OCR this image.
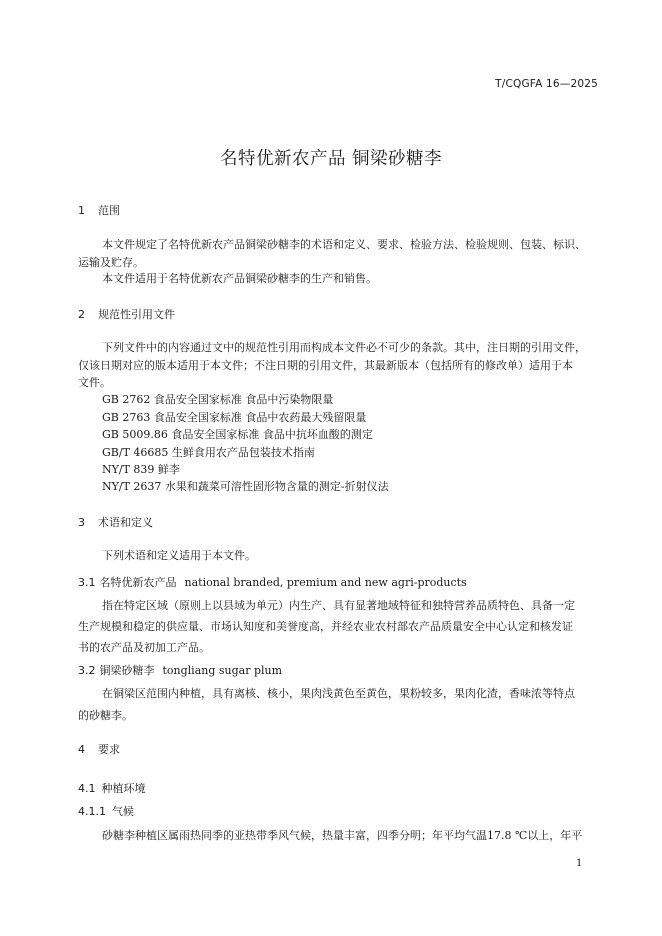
T/CQGFA 16—2025
名特优新农产品 铜梁砂糖李
1 范围
本文件规定了名特优新农产品铜梁砂糖李的术语和定义、要求、检验方法、检验规则、包装、标识、
运输及贮存。
本文件适用于名特优新农产品铜梁砂糖李的生产和销售。
2 规范性引用文件
下列文件中的内容通过文中的规范性引用而构成本文件必不可少的条款。其中，注日期的引用文件，
仅该日期对应的版本适用于本文件；不注日期的引用文件，其最新版本（包括所有的修改单）适用于本
文件。
GB 2762 食品安全国家标准 食品中污染物限量
GB 2763 食品安全国家标准 食品中农药最大残留限量
GB 5009.86 食品安全国家标准 食品中抗坏血酸的测定
GB/T 46685 生鲜食用农产品包装技术指南
NY/T 839 鲜李
NY/T 2637 水果和蔬菜可溶性固形物含量的测定-折射仪法
3 术语和定义
下列术语和定义适用于本文件。
3.1 名特优新农产品 national branded, premium and new agri-products
指在特定区域（原则上以县域为单元）内生产、具有显著地域特征和独特营养品质特色、具备一定
生产规模和稳定的供应量、市场认知度和美誉度高，并经农业农村部农产品质量安全中心认定和核发证
书的农产品及初加工产品。
3.2 铜梁砂糖李 tongliang sugar plum
在铜梁区范围内种植，具有离核、核小，果肉浅黄色至黄色，果粉较多，果肉化渣，香味浓等特点
的砂糖李。
4 要求
4.1 种植环境
4.1.1 气候
砂糖李种植区属雨热同季的亚热带季风气候，热量丰富，四季分明；年平均气温17.8 ℃以上，年平
1
